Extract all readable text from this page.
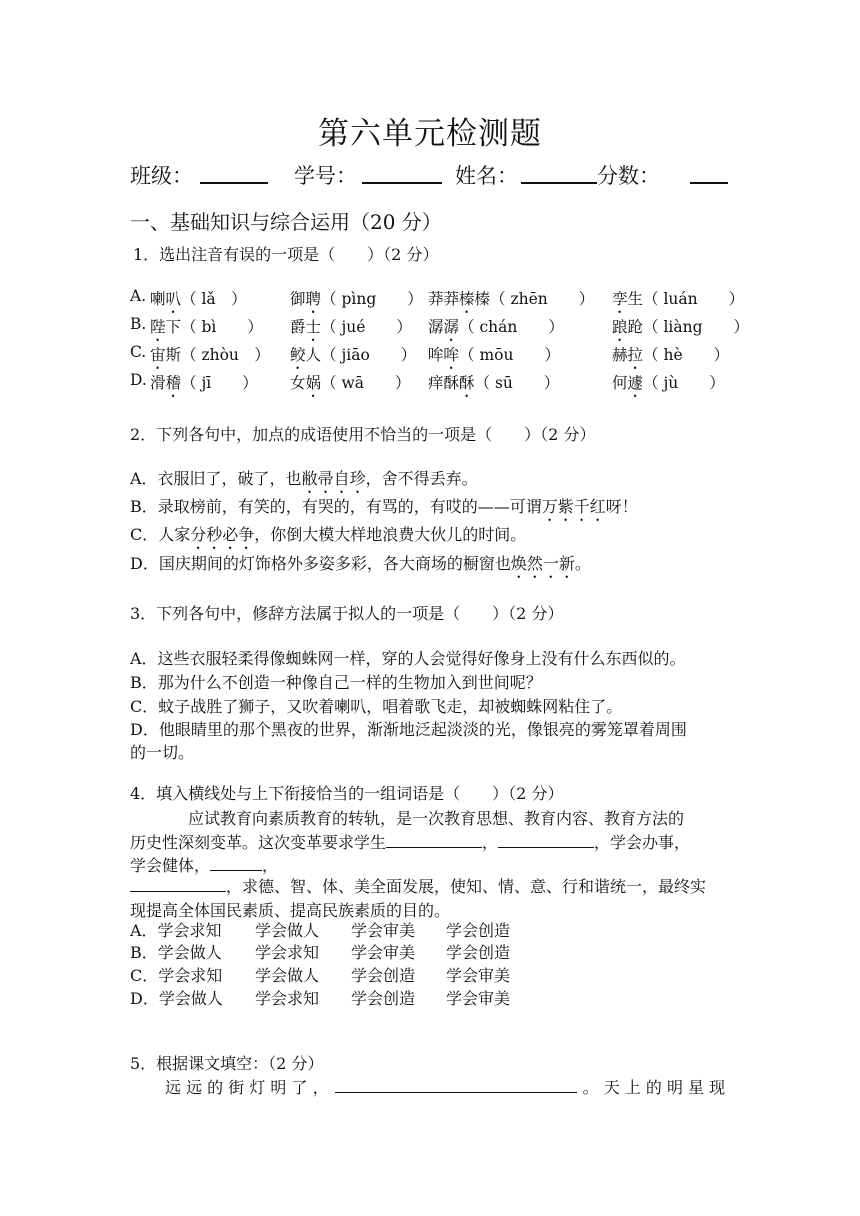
第六单元检测题
班级：	学号：	姓名：	分数：
一、基础知识与综合运用（20 分）
1．选出注音有误的一项是（　　）（2 分）
A. 喇叭（ lǎ　）	御聘（ pìng　　） 莽莽榛榛（ zhēn　　） 孪生（ luán　　）
B. 陛下（ bì　　） 爵士（ jué　　） 潺潺（ chán　　）	踉跄（ liàng　　）
C. 宙斯（ zhòu　） 鲛人（ jiāo　　） 哞哞（ mōu　　）	赫拉（ hè　　）
D. 滑稽（ jī　　） 女娲（ wā　　） 痒酥酥（ sū　　）	何遽（ jù　　）
2．下列各句中，加点的成语使用不恰当的一项是（　　）（2 分）
A．衣服旧了，破了，也敝帚自珍，舍不得丢弃。
B．录取榜前，有笑的，有哭的，有骂的，有哎的——可谓万紫千红呀！
C．人家分秒必争，你倒大模大样地浪费大伙儿的时间。
D．国庆期间的灯饰格外多姿多彩，各大商场的橱窗也焕然一新。
3．下列各句中，修辞方法属于拟人的一项是（　　）（2 分）
A．这些衣服轻柔得像蜘蛛网一样，穿的人会觉得好像身上没有什么东西似的。
B．那为什么不创造一种像自己一样的生物加入到世间呢？
C．蚊子战胜了狮子，又吹着喇叭，唱着歌飞走，却被蜘蛛网粘住了。
D．他眼睛里的那个黑夜的世界，渐渐地泛起淡淡的光，像银亮的雾笼罩着周围
的一切。
4．填入横线处与上下衔接恰当的一组词语是（　　）（2 分）
应试教育向素质教育的转轨，是一次教育思想、教育内容、教育方法的
历史性深刻变革。这次变革要求学生	，	，学会办事，
学会健体，	，
，求德、智、体、美全面发展，使知、情、意、行和谐统一，最终实
现提高全体国民素质、提高民族素质的目的。
A．学会求知 学会做人 学会审美 学会创造
B．学会做人 学会求知 学会审美 学会创造
C．学会求知 学会做人 学会创造 学会审美
D．学会做人 学会求知 学会创造 学会审美
5．根据课文填空：（2 分）
远 远 的 街 灯 明 了 ，	。 天 上 的 明 星 现
